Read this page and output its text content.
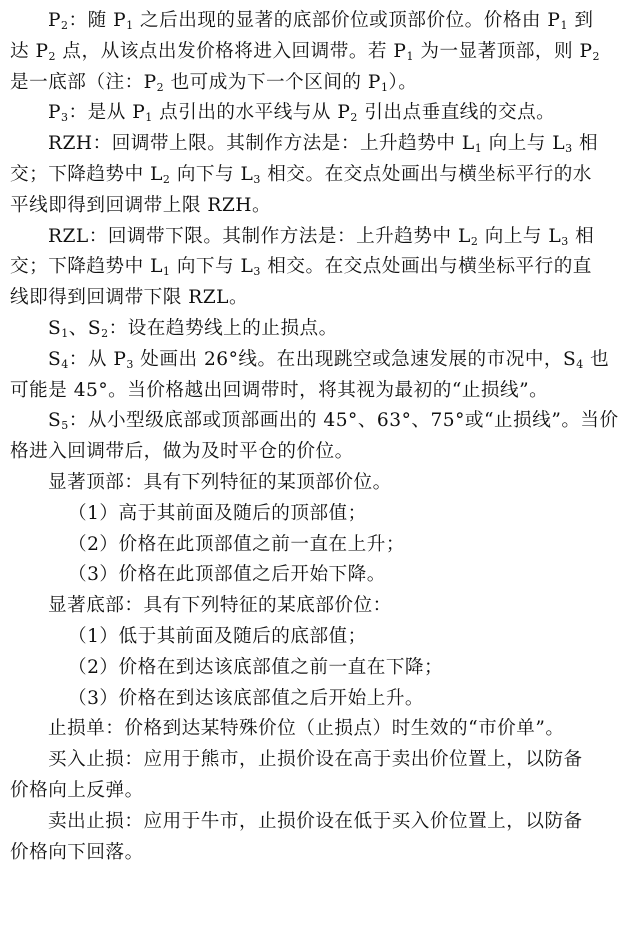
$P_2$：随 $P_1$ 之后出现的显著的底部价位或顶部价位。价格由 $P_1$ 到

达 $P_2$ 点，从该点出发价格将进入回调带。若 $P_1$ 为一显著顶部，则 $P_2$

是一底部（注：$P_2$ 也可成为下一个区间的 $P_1$）。

$P_3$：是从 $P_1$ 点引出的水平线与从 $P_2$ 引出点垂直线的交点。

RZH：回调带上限。其制作方法是：上升趋势中 $L_1$ 向上与 $L_3$ 相

交；下降趋势中 $L_2$ 向下与 $L_3$ 相交。在交点处画出与横坐标平行的水

平线即得到回调带上限 RZH。

RZL：回调带下限。其制作方法是：上升趋势中 $L_2$ 向上与 $L_3$ 相

交；下降趋势中 $L_1$ 向下与 $L_3$ 相交。在交点处画出与横坐标平行的直

线即得到回调带下限 RZL。

$S_1$、$S_2$：设在趋势线上的止损点。

$S_4$：从 $P_3$ 处画出 26°线。在出现跳空或急速发展的市况中，$S_4$ 也

可能是 45°。当价格越出回调带时，将其视为最初的“止损线”。

$S_5$：从小型级底部或顶部画出的 45°、63°、75°或“止损线”。当价

格进入回调带后，做为及时平仓的价位。

显著顶部：具有下列特征的某顶部价位。

（1）高于其前面及随后的顶部值；

（2）价格在此顶部值之前一直在上升；

（3）价格在此顶部值之后开始下降。

显著底部：具有下列特征的某底部价位：

（1）低于其前面及随后的底部值；

（2）价格在到达该底部值之前一直在下降；

（3）价格在到达该底部值之后开始上升。

止损单：价格到达某特殊价位（止损点）时生效的“市价单”。

买入止损：应用于熊市，止损价设在高于卖出价位置上，以防备

价格向上反弹。

卖出止损：应用于牛市，止损价设在低于买入价位置上，以防备

价格向下回落。
